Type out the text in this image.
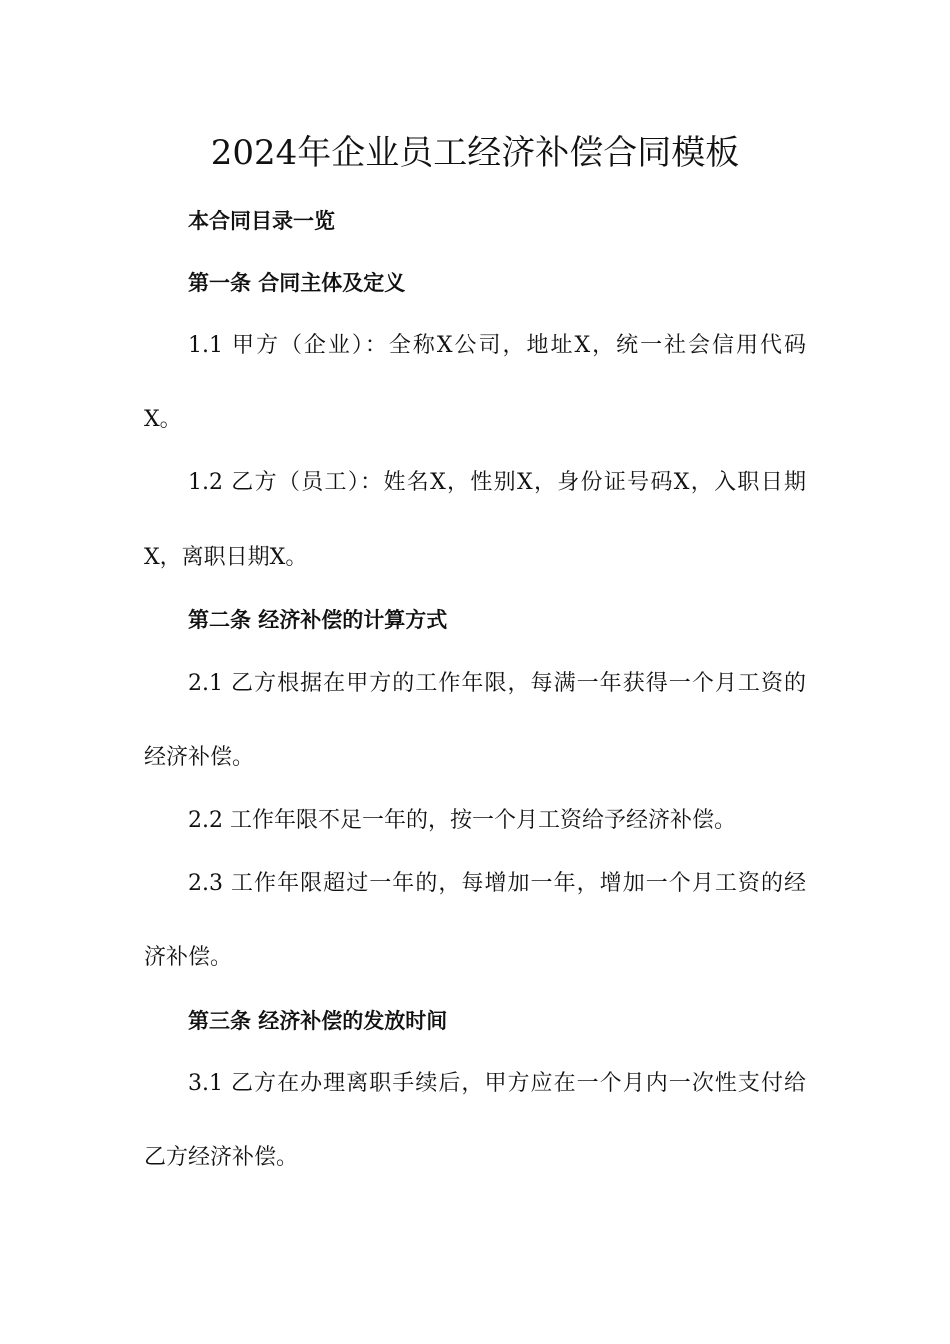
2024年企业员工经济补偿合同模板

本合同目录一览

第一条 合同主体及定义

1.1 甲方（企业）：全称X公司，地址X，统一社会信用代码

X。

1.2 乙方（员工）：姓名X，性别X，身份证号码X，入职日期

X，离职日期X。

第二条 经济补偿的计算方式

2.1 乙方根据在甲方的工作年限，每满一年获得一个月工资的

经济补偿。

2.2 工作年限不足一年的，按一个月工资给予经济补偿。

2.3 工作年限超过一年的，每增加一年，增加一个月工资的经

济补偿。

第三条 经济补偿的发放时间

3.1 乙方在办理离职手续后，甲方应在一个月内一次性支付给

乙方经济补偿。
